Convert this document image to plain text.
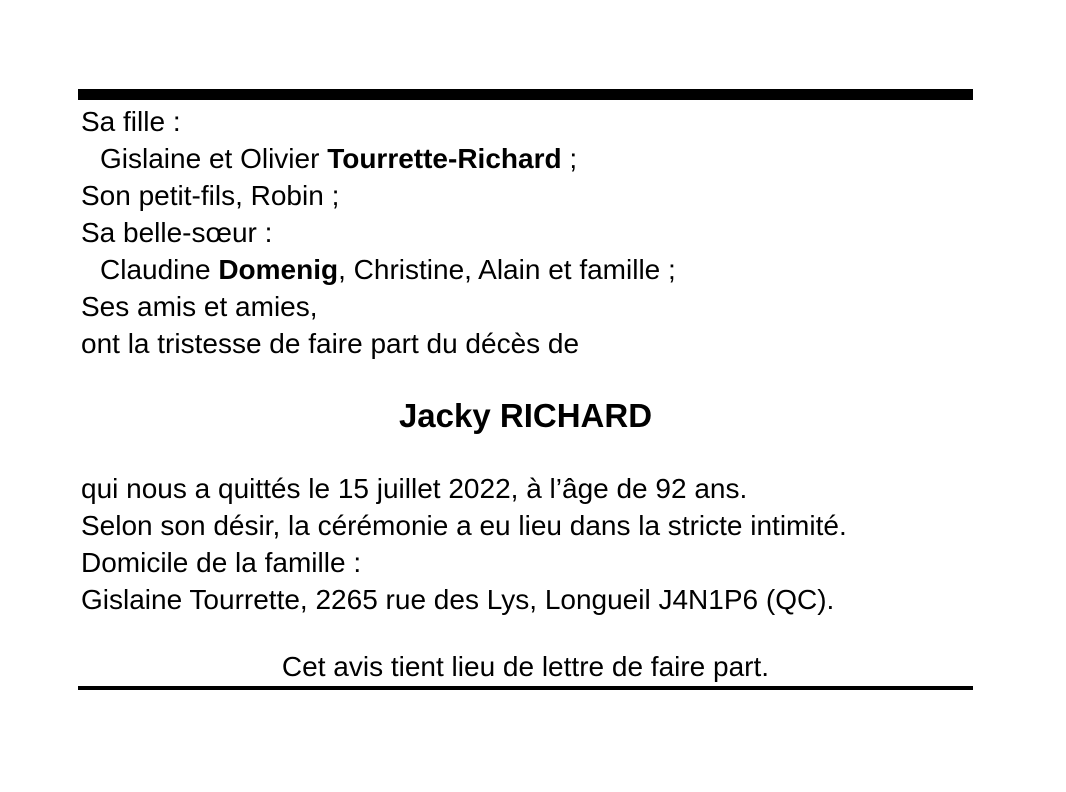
Sa fille :
Gislaine et Olivier Tourrette-Richard ;
Son petit-fils, Robin ;
Sa belle-sœur :
Claudine Domenig, Christine, Alain et famille ;
Ses amis et amies,
ont la tristesse de faire part du décès de
Jacky RICHARD
qui nous a quittés le 15 juillet 2022, à l’âge de 92 ans.
Selon son désir, la cérémonie a eu lieu dans la stricte intimité.
Domicile de la famille :
Gislaine Tourrette, 2265 rue des Lys, Longueil J4N1P6 (QC).
Cet avis tient lieu de lettre de faire part.
